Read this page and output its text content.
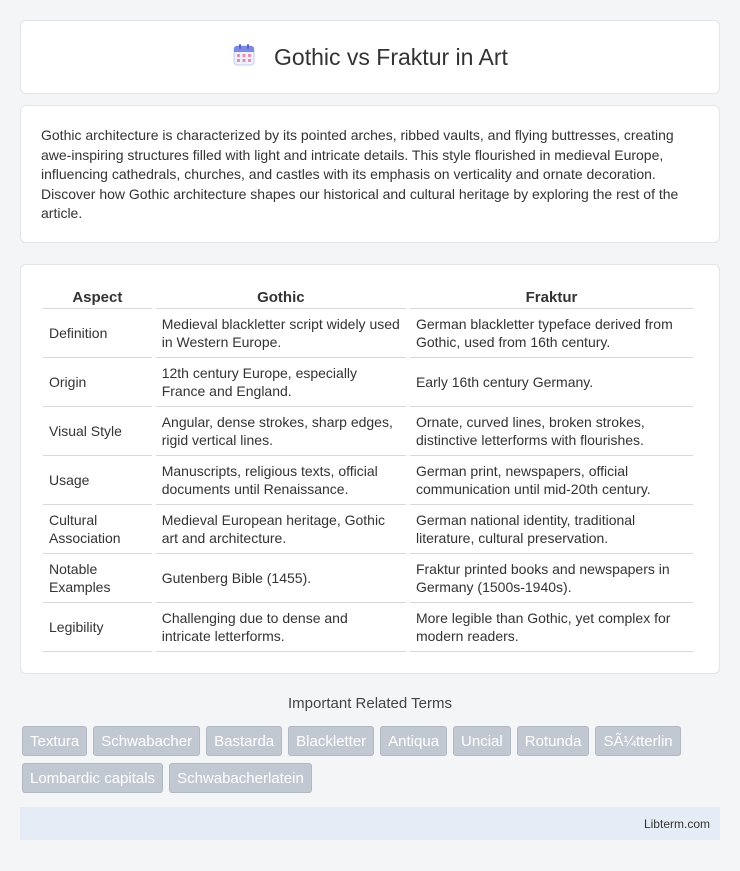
Gothic vs Fraktur in Art

Gothic architecture is characterized by its pointed arches, ribbed vaults, and flying buttresses, creating awe-inspiring structures filled with light and intricate details. This style flourished in medieval Europe, influencing cathedrals, churches, and castles with its emphasis on verticality and ornate decoration. Discover how Gothic architecture shapes our historical and cultural heritage by exploring the rest of the article.

Aspect	Gothic	Fraktur
Definition	Medieval blackletter script widely used in Western Europe.	German blackletter typeface derived from Gothic, used from 16th century.
Origin	12th century Europe, especially France and England.	Early 16th century Germany.
Visual Style	Angular, dense strokes, sharp edges, rigid vertical lines.	Ornate, curved lines, broken strokes, distinctive letterforms with flourishes.
Usage	Manuscripts, religious texts, official documents until Renaissance.	German print, newspapers, official communication until mid-20th century.
Cultural Association	Medieval European heritage, Gothic art and architecture.	German national identity, traditional literature, cultural preservation.
Notable Examples	Gutenberg Bible (1455).	Fraktur printed books and newspapers in Germany (1500s-1940s).
Legibility	Challenging due to dense and intricate letterforms.	More legible than Gothic, yet complex for modern readers.
Important Related Terms
Textura	Schwabacher	Bastarda	Blackletter	Antiqua	Uncial	Rotunda	SÃ¼tterlin
Lombardic capitals	Schwabacherlatein
Libterm.com
